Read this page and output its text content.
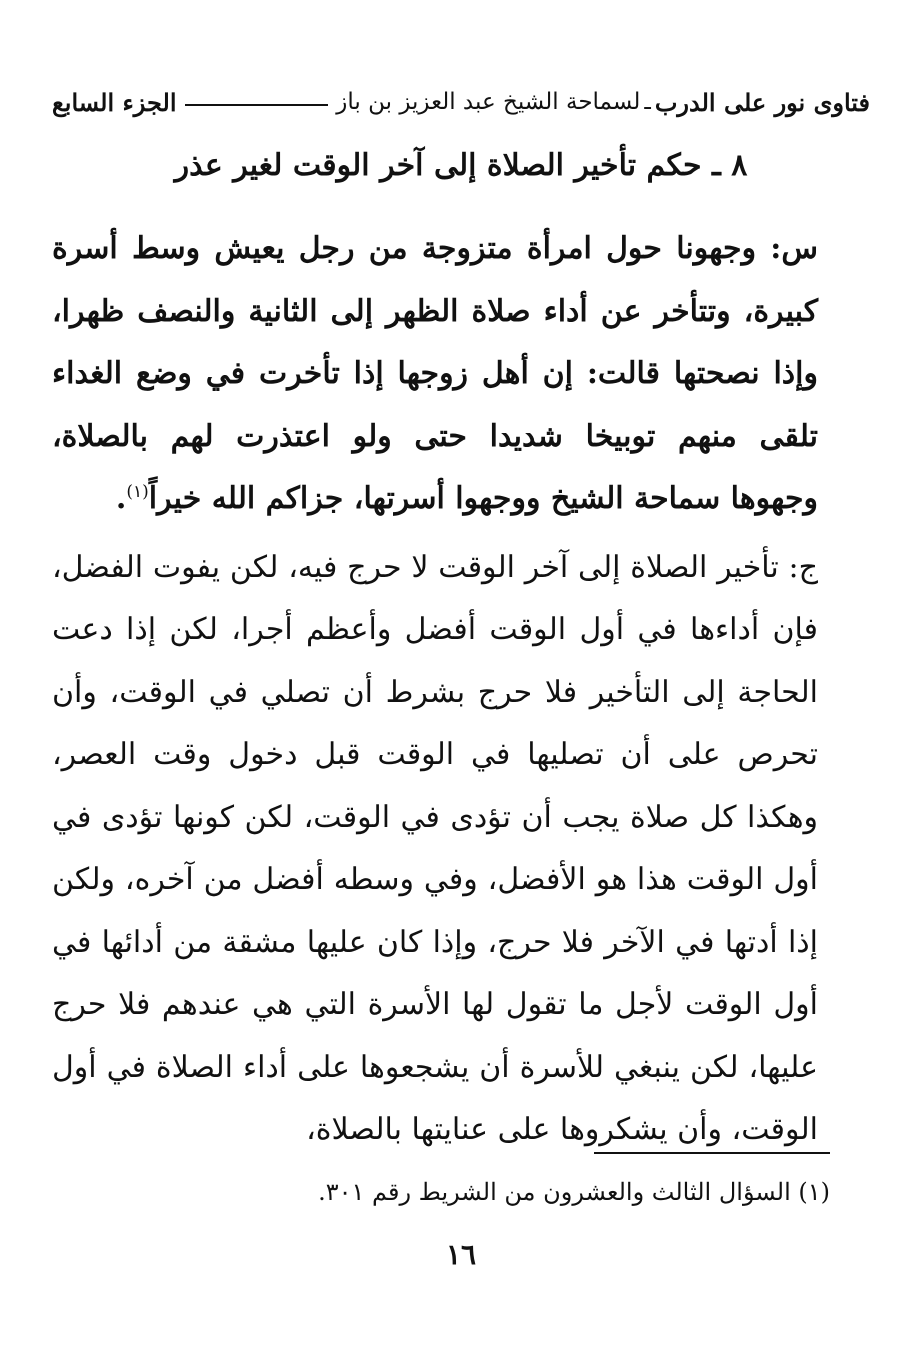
فتاوى نور على الدرب
ـ
لسماحة الشيخ عبد العزيز بن باز
الجزء السابع
٨ ـ حكم تأخير الصلاة إلى آخر الوقت لغير عذر

س: وجهونا حول امرأة متزوجة من رجل يعيش وسط أسرة كبيرة، وتتأخر عن أداء صلاة الظهر إلى الثانية والنصف ظهرا، وإذا نصحتها قالت: إن أهل زوجها إذا تأخرت في وضع الغداء تلقى منهم توبيخا شديدا حتى ولو اعتذرت لهم بالصلاة، وجهوها سماحة الشيخ ووجهوا أسرتها، جزاكم الله خيراً$^{(١)}$.

ج: تأخير الصلاة إلى آخر الوقت لا حرج فيه، لكن يفوت الفضل، فإن أداءها في أول الوقت أفضل وأعظم أجرا، لكن إذا دعت الحاجة إلى التأخير فلا حرج بشرط أن تصلي في الوقت، وأن تحرص على أن تصليها في الوقت قبل دخول وقت العصر، وهكذا كل صلاة يجب أن تؤدى في الوقت، لكن كونها تؤدى في أول الوقت هذا هو الأفضل، وفي وسطه أفضل من آخره، ولكن إذا أدتها في الآخر فلا حرج، وإذا كان عليها مشقة من أدائها في أول الوقت لأجل ما تقول لها الأسرة التي هي عندهم فلا حرج عليها، لكن ينبغي للأسرة أن يشجعوها على أداء الصلاة في أول الوقت، وأن يشكروها على عنايتها بالصلاة،

(١) السؤال الثالث والعشرون من الشريط رقم ٣٠١.
١٦
